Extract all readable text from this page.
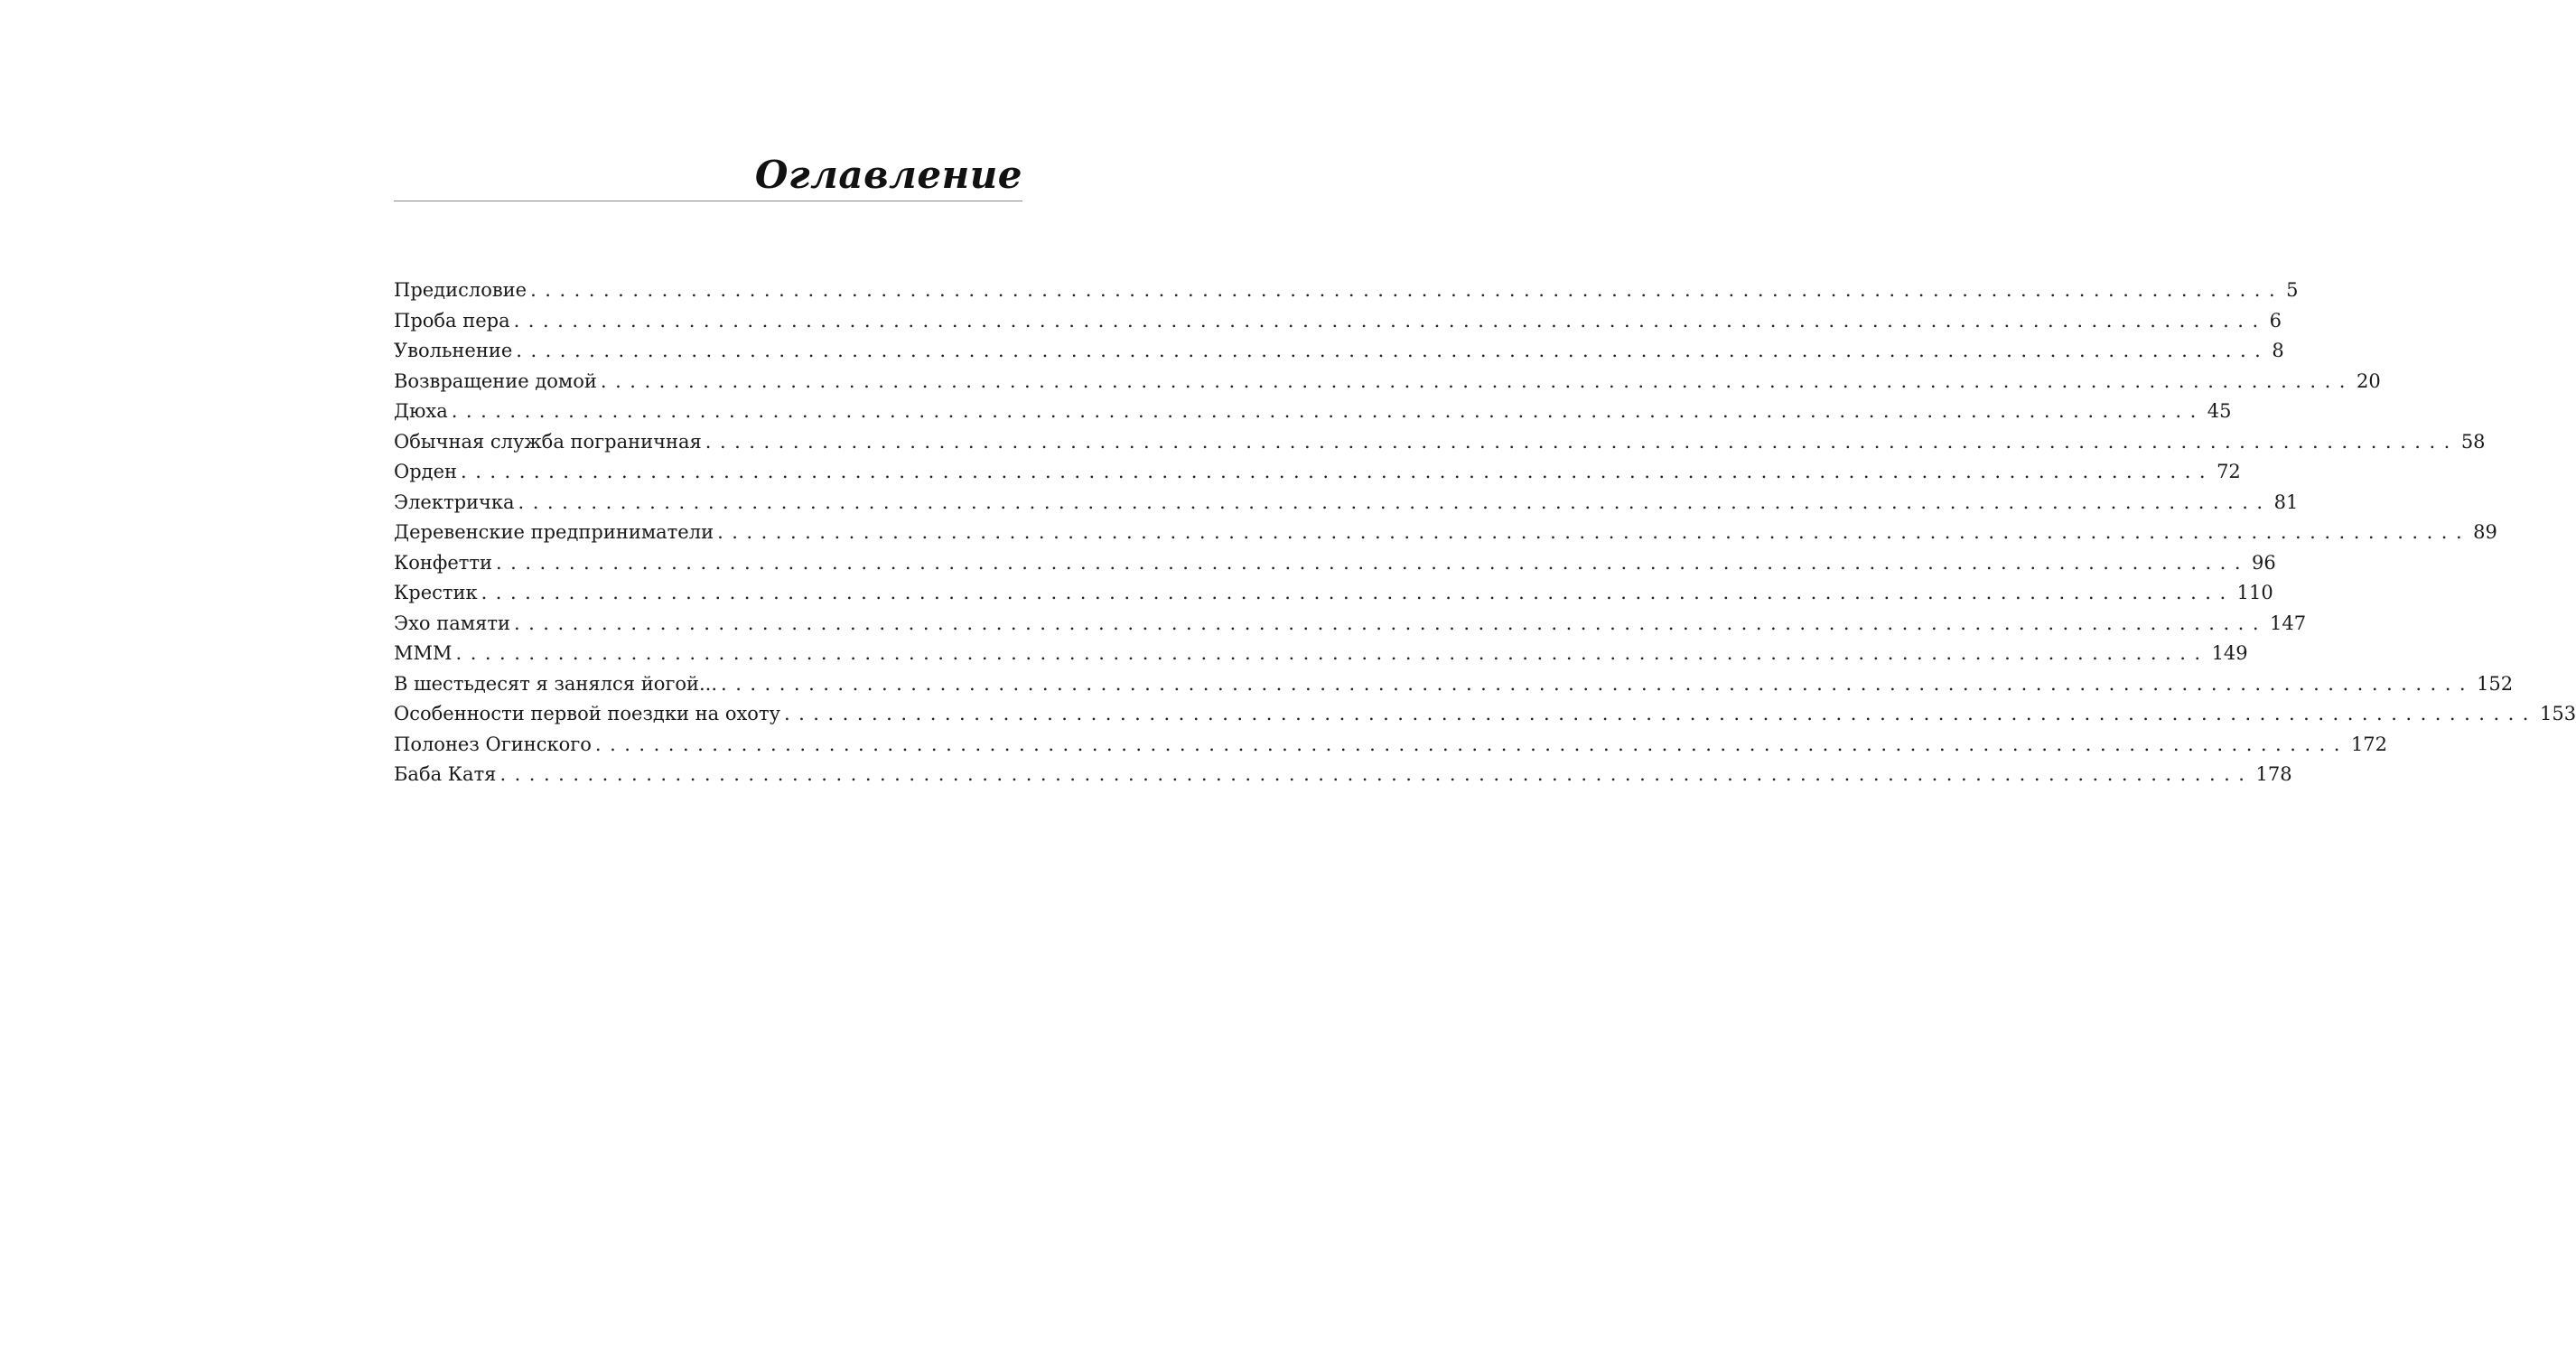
Оглавление
Предисловие ........................................................................................................................ 5
Проба пера ........................................................................................................................ 6
Увольнение ........................................................................................................................ 8
Возвращение домой ........................................................................................................................ 20
Дюха ........................................................................................................................ 45
Обычная служба пограничная ........................................................................................................................ 58
Орден ........................................................................................................................ 72
Электричка ........................................................................................................................ 81
Деревенские предприниматели ........................................................................................................................ 89
Конфетти ........................................................................................................................ 96
Крестик ........................................................................................................................ 110
Эхо памяти ........................................................................................................................ 147
МММ ........................................................................................................................ 149
В шестьдесят я занялся йогой... ........................................................................................................................ 152
Особенности первой поездки на охоту ........................................................................................................................ 153
Полонез Огинского ........................................................................................................................ 172
Баба Катя ........................................................................................................................ 178
